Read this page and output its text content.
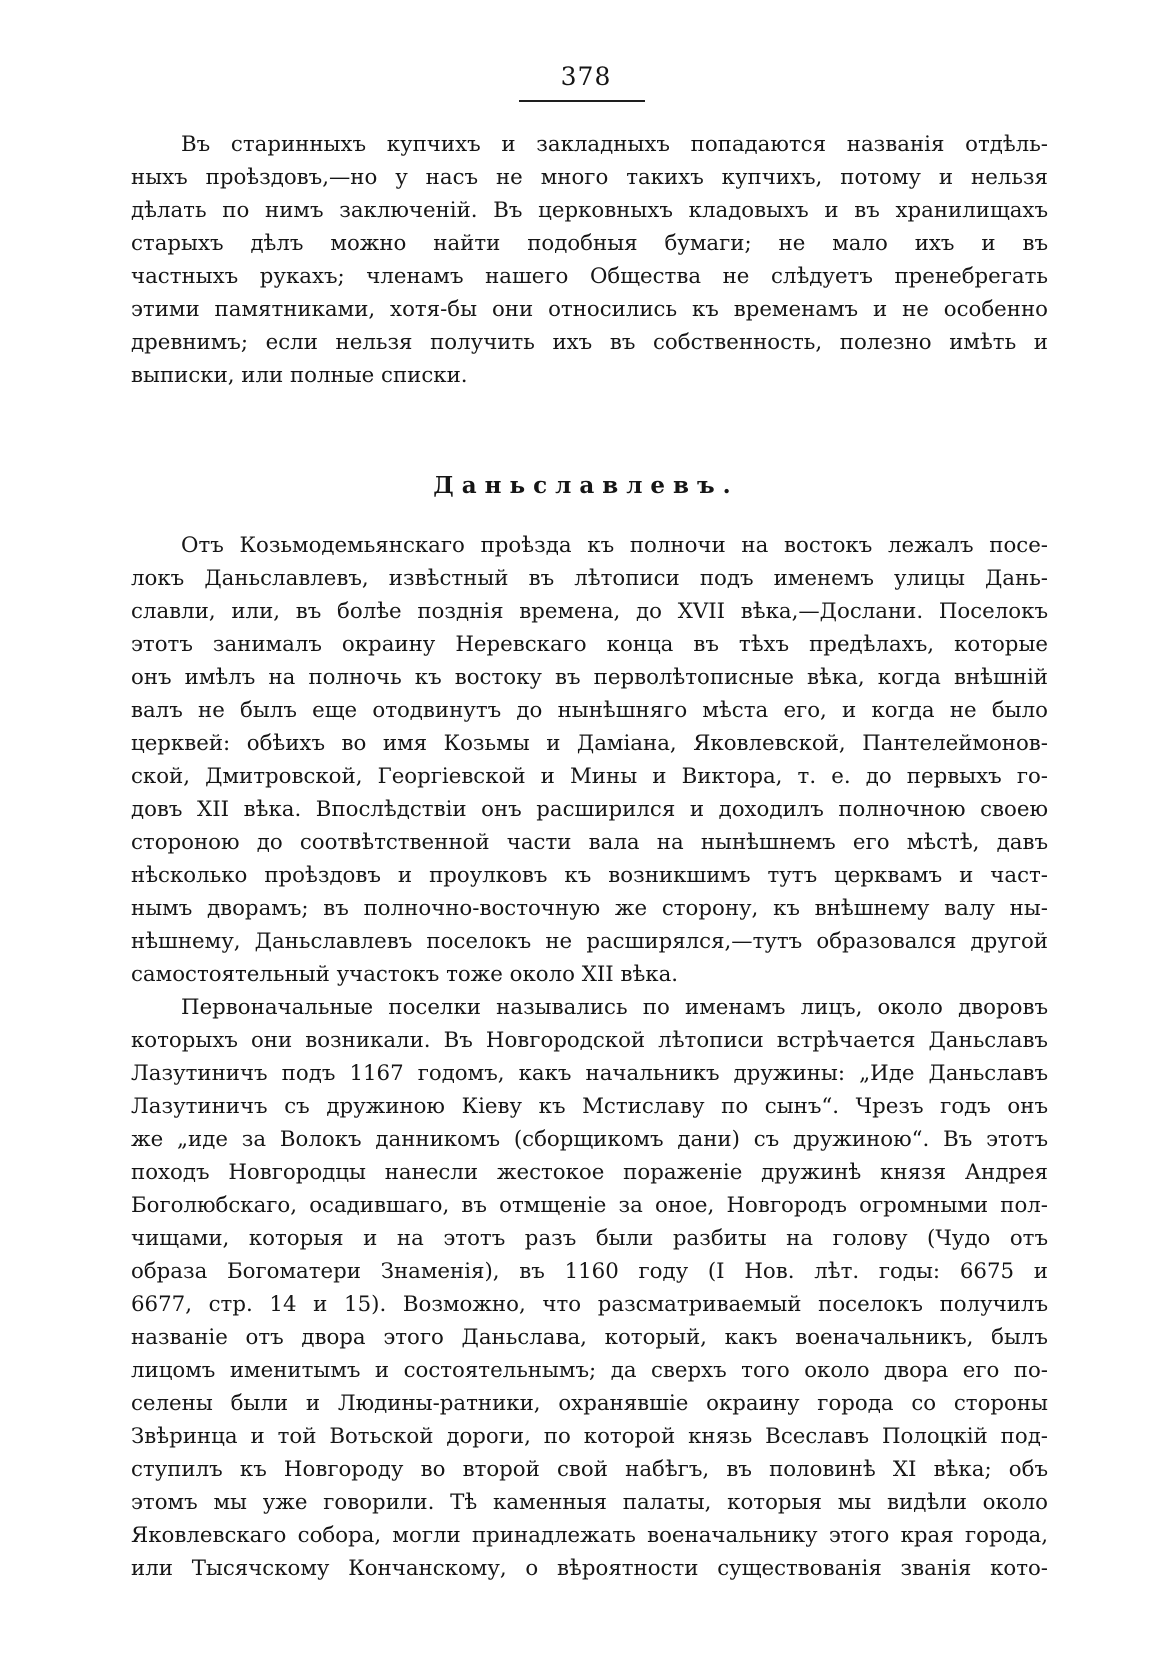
378
Въ старинныхъ купчихъ и закладныхъ попадаются названія отдѣль-
ныхъ проѣздовъ,—но у насъ не много такихъ купчихъ, потому и нельзя
дѣлать по нимъ заключеній. Въ церковныхъ кладовыхъ и въ хранилищахъ
старыхъ дѣлъ можно найти подобныя бумаги; не мало ихъ и въ
частныхъ рукахъ; членамъ нашего Общества не слѣдуетъ пренебрегать
этими памятниками, хотя-бы они относились къ временамъ и не особенно
древнимъ; если нельзя получить ихъ въ собственность, полезно имѣть и
выписки, или полные списки.
Даньславлевъ.
Отъ Козьмодемьянскаго проѣзда къ полночи на востокъ лежалъ посе-
локъ Даньславлевъ, извѣстный въ лѣтописи подъ именемъ улицы Дань-
славли, или, въ болѣе позднія времена, до XVII вѣка,—Дослани. Поселокъ
этотъ занималъ окраину Неревскаго конца въ тѣхъ предѣлахъ, которые
онъ имѣлъ на полночь къ востоку въ перволѣтописные вѣка, когда внѣшній
валъ не былъ еще отодвинутъ до нынѣшняго мѣста его, и когда не было
церквей: обѣихъ во имя Козьмы и Даміана, Яковлевской, Пантелеймонов-
ской, Дмитровской, Георгіевской и Мины и Виктора, т. е. до первыхъ го-
довъ XII вѣка. Впослѣдствіи онъ расширился и доходилъ полночною своею
стороною до соотвѣтственной части вала на нынѣшнемъ его мѣстѣ, давъ
нѣсколько проѣздовъ и проулковъ къ возникшимъ тутъ церквамъ и част-
нымъ дворамъ; въ полночно-восточную же сторону, къ внѣшнему валу ны-
нѣшнему, Даньславлевъ поселокъ не расширялся,—тутъ образовался другой
самостоятельный участокъ тоже около XII вѣка.
Первоначальные поселки назывались по именамъ лицъ, около дворовъ
которыхъ они возникали. Въ Новгородской лѣтописи встрѣчается Даньславъ
Лазутиничъ подъ 1167 годомъ, какъ начальникъ дружины: „Иде Даньславъ
Лазутиничъ съ дружиною Кіеву къ Мстиславу по сынъ“. Чрезъ годъ онъ
же „иде за Волокъ данникомъ (сборщикомъ дани) съ дружиною“. Въ этотъ
походъ Новгородцы нанесли жестокое пораженіе дружинѣ князя Андрея
Боголюбскаго, осадившаго, въ отмщеніе за оное, Новгородъ огромными пол-
чищами, которыя и на этотъ разъ были разбиты на голову (Чудо отъ
образа Богоматери Знаменія), въ 1160 году (I Нов. лѣт. годы: 6675 и
6677, стр. 14 и 15). Возможно, что разсматриваемый поселокъ получилъ
названіе отъ двора этого Даньслава, который, какъ военачальникъ, былъ
лицомъ именитымъ и состоятельнымъ; да сверхъ того около двора его по-
селены были и Людины-ратники, охранявшіе окраину города со стороны
Звѣринца и той Вотьской дороги, по которой князь Всеславъ Полоцкій под-
ступилъ къ Новгороду во второй свой набѣгъ, въ половинѣ XI вѣка; объ
этомъ мы уже говорили. Тѣ каменныя палаты, которыя мы видѣли около
Яковлевскаго собора, могли принадлежать военачальнику этого края города,
или Тысячскому Кончанскому, о вѣроятности существованія званія кото-
